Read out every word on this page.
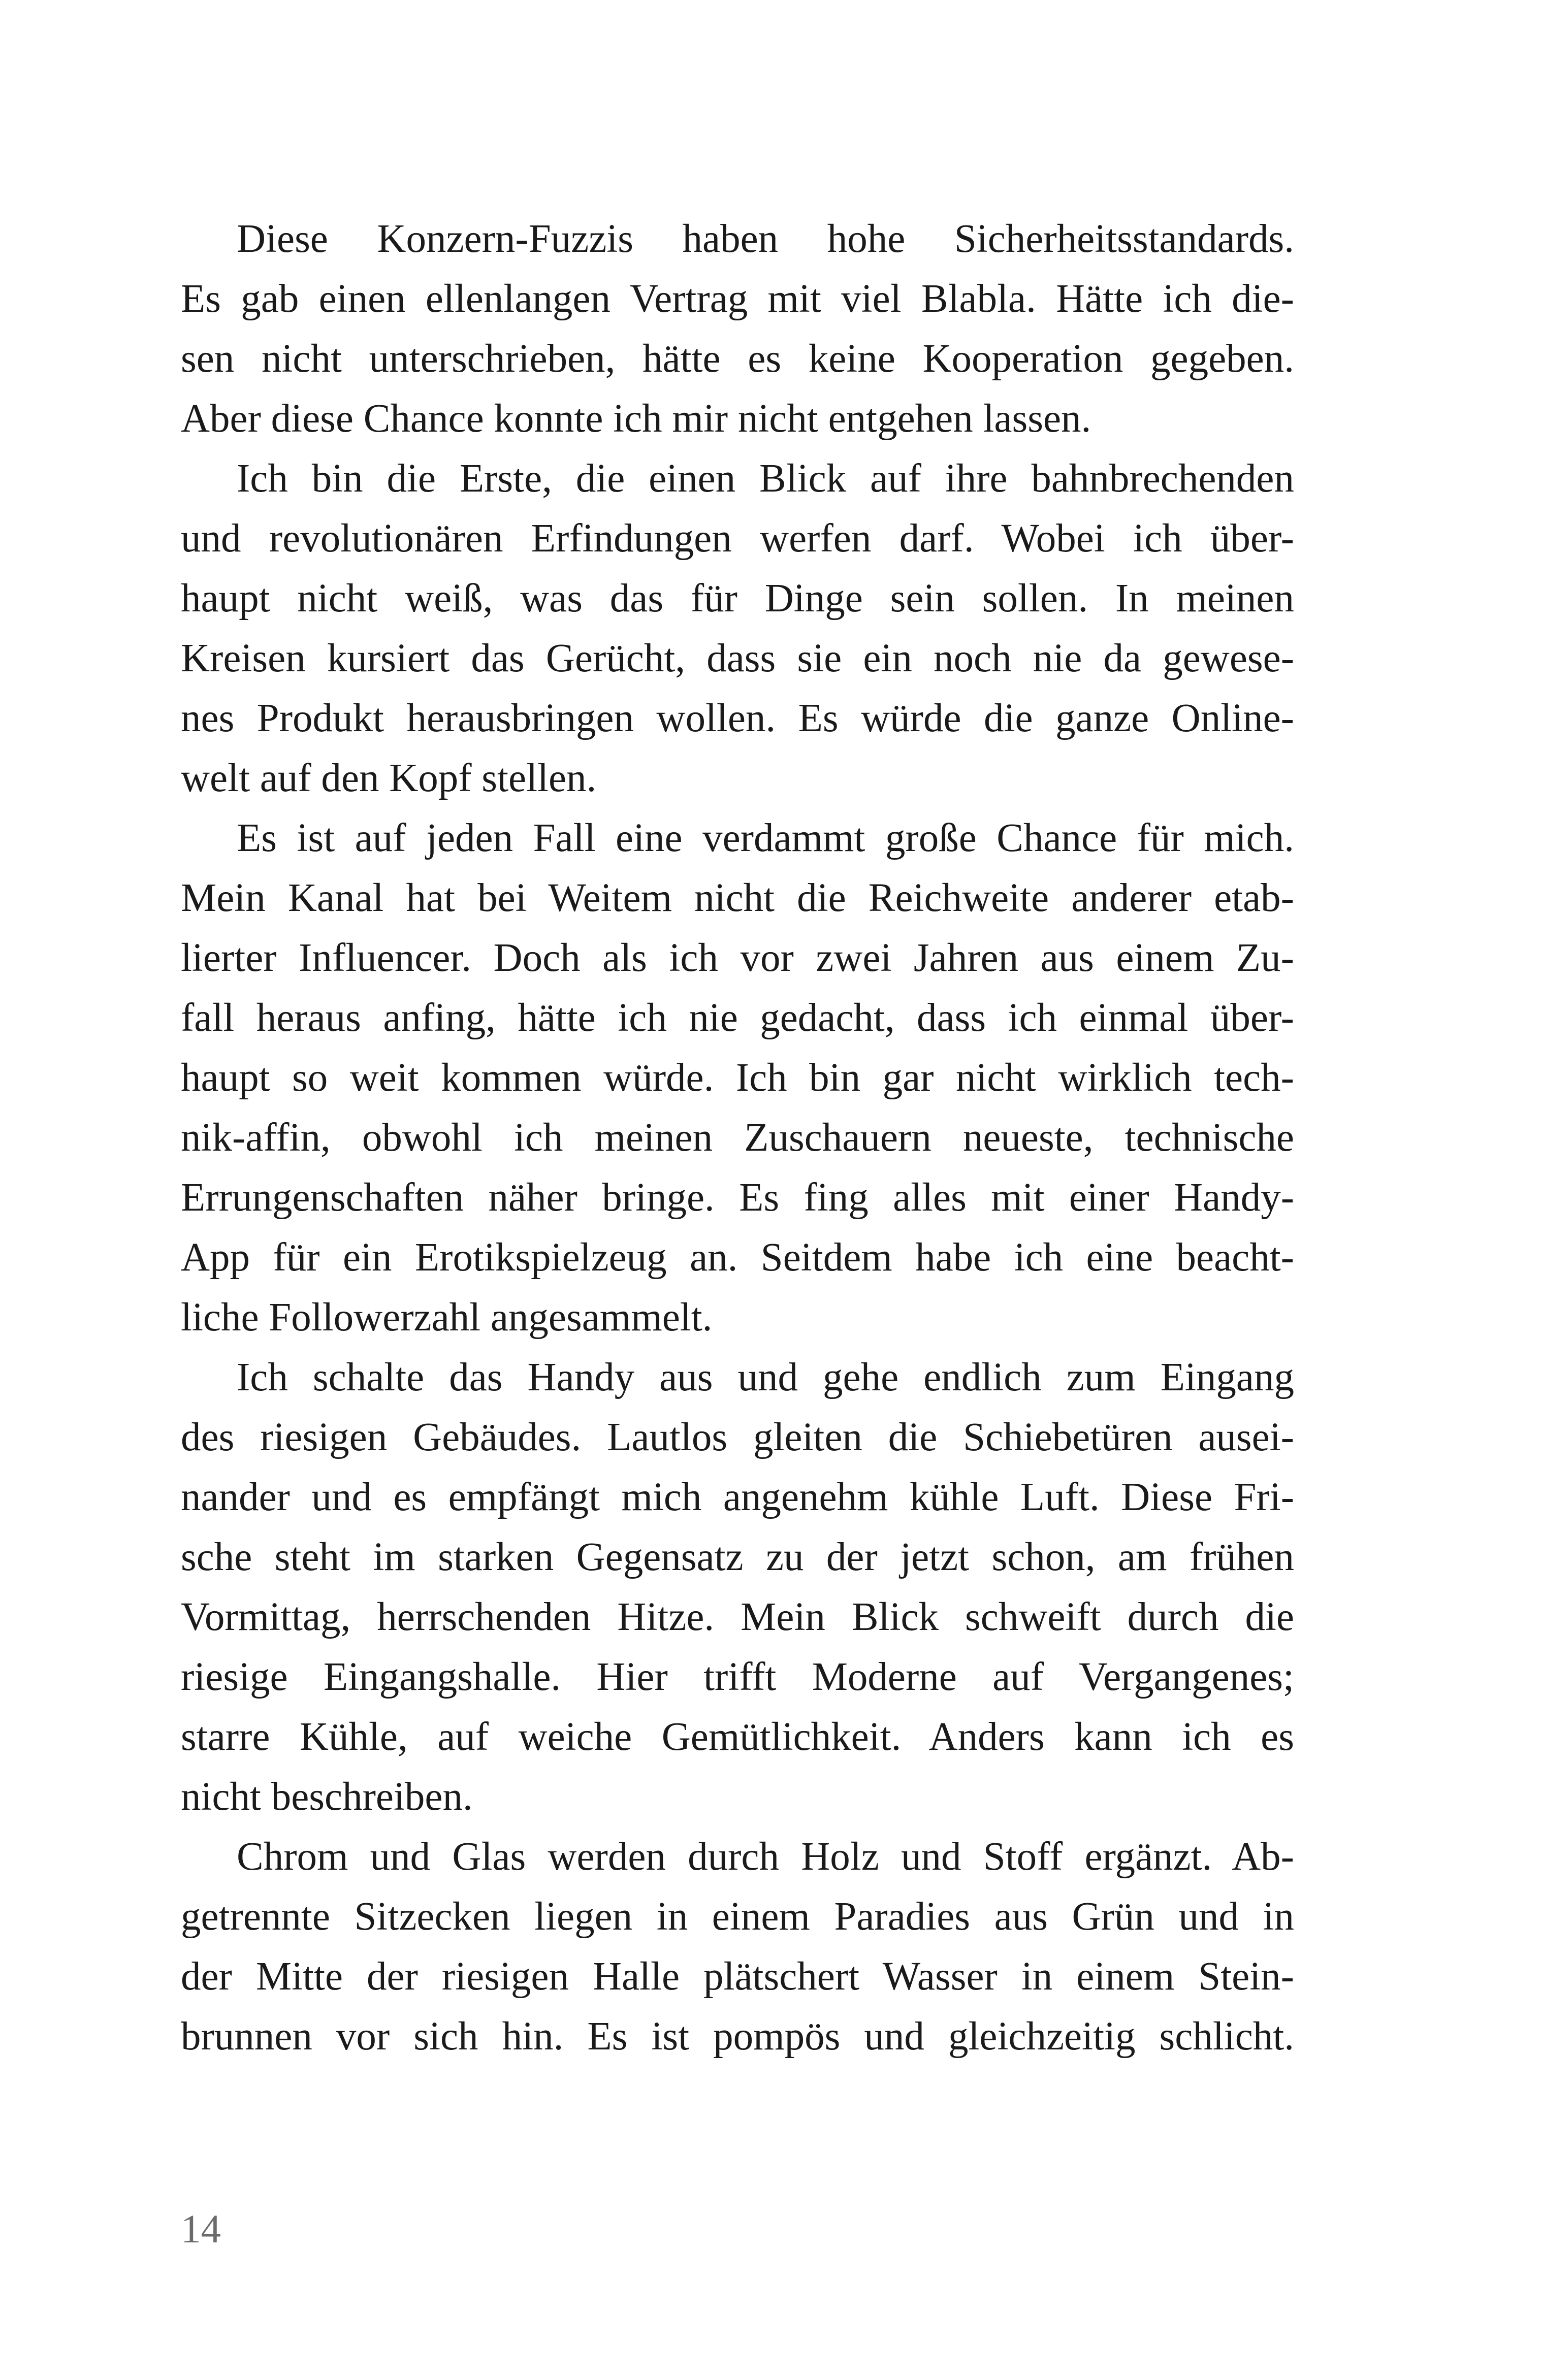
Diese Konzern-Fuzzis haben hohe Sicherheitsstandards.
Es gab einen ellenlangen Vertrag mit viel Blabla. Hätte ich die-
sen nicht unterschrieben, hätte es keine Kooperation gegeben.
Aber diese Chance konnte ich mir nicht entgehen lassen.
Ich bin die Erste, die einen Blick auf ihre bahnbrechenden
und revolutionären Erfindungen werfen darf. Wobei ich über-
haupt nicht weiß, was das für Dinge sein sollen. In meinen
Kreisen kursiert das Gerücht, dass sie ein noch nie da gewese-
nes Produkt herausbringen wollen. Es würde die ganze Online-
welt auf den Kopf stellen.
Es ist auf jeden Fall eine verdammt große Chance für mich.
Mein Kanal hat bei Weitem nicht die Reichweite anderer etab-
lierter Influencer. Doch als ich vor zwei Jahren aus einem Zu-
fall heraus anfing, hätte ich nie gedacht, dass ich einmal über-
haupt so weit kommen würde. Ich bin gar nicht wirklich tech-
nik-affin, obwohl ich meinen Zuschauern neueste, technische
Errungenschaften näher bringe. Es fing alles mit einer Handy-
App für ein Erotikspielzeug an. Seitdem habe ich eine beacht-
liche Followerzahl angesammelt.
Ich schalte das Handy aus und gehe endlich zum Eingang
des riesigen Gebäudes. Lautlos gleiten die Schiebetüren ausei-
nander und es empfängt mich angenehm kühle Luft. Diese Fri-
sche steht im starken Gegensatz zu der jetzt schon, am frühen
Vormittag, herrschenden Hitze. Mein Blick schweift durch die
riesige Eingangshalle. Hier trifft Moderne auf Vergangenes;
starre Kühle, auf weiche Gemütlichkeit. Anders kann ich es
nicht beschreiben.
Chrom und Glas werden durch Holz und Stoff ergänzt. Ab-
getrennte Sitzecken liegen in einem Paradies aus Grün und in
der Mitte der riesigen Halle plätschert Wasser in einem Stein-
brunnen vor sich hin. Es ist pompös und gleichzeitig schlicht.
14
